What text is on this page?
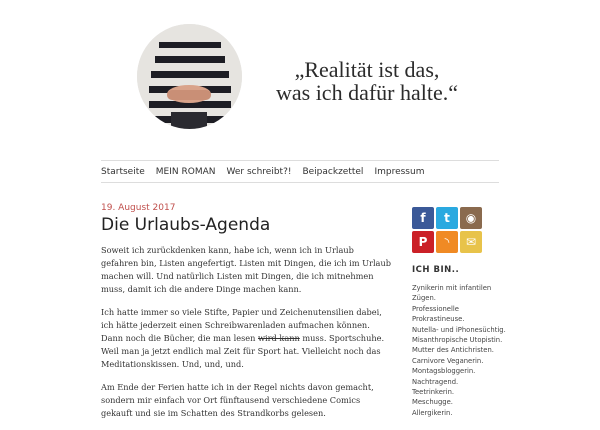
„Realität ist das,
was ich dafür halte.“
Startseite MEIN ROMAN Wer schreibt?! Beipackzettel Impressum
19. August 2017
Die Urlaubs-Agenda

Soweit ich zurückdenken kann, habe ich, wenn ich in Urlaub gefahren bin, Listen angefertigt. Listen mit Dingen, die ich im Urlaub machen will. Und natürlich Listen mit Dingen, die ich mitnehmen muss, damit ich die andere Dinge machen kann.

Ich hatte immer so viele Stifte, Papier und Zeichenutensilien dabei, ich hätte jederzeit einen Schreibwarenladen aufmachen können. Dann noch die Bücher, die man lesen wird kann muss. Sportschuhe. Weil man ja jetzt endlich mal Zeit für Sport hat. Vielleicht noch das Meditationskissen. Und, und, und.

Am Ende der Ferien hatte ich in der Regel nichts davon gemacht, sondern mir einfach vor Ort fünftausend verschiedene Comics gekauft und sie im Schatten des Strandkorbs gelesen.

f	t	◉
P	◝	✉
ICH BIN..
Zynikerin mit infantilen
Zügen.
Professionelle
Prokrastineuse.
Nutella- und iPhonesüchtig.
Misanthropische Utopistin.
Mutter des Antichristen.
Carnivore Veganerin.
Montagsbloggerin.
Nachtragend.
Teetrinkerin.
Meschugge.
Allergikerin.
